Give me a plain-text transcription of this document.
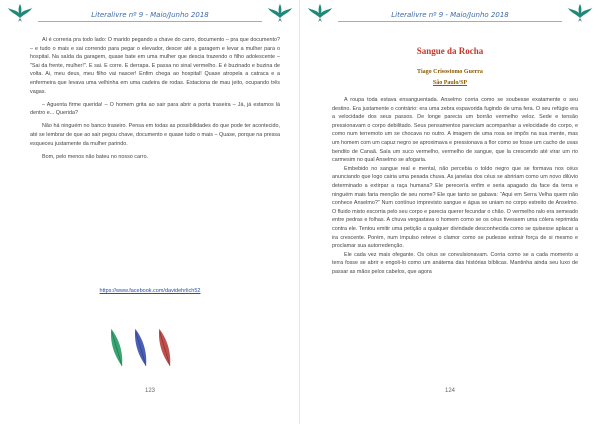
Literalivre nº 9 - Maio/Junho 2018

Aí é correria pra todo lado: O marido pegando a chave do carro, documento – pra que documento? – e tudo o mais e sai correndo para pegar o elevador, descer até a garagem e levar a mulher para o hospital. Na saída da garagem, quase bate em uma mulher que descia trazendo o filho adolescente – "Sai da frente, mulher!". E sai. E corre. E derrapa. E passa no sinal vermelho. E é buzinado e buzina de volta. Ai, meu deus, meu filho vai nascer! Enfim chega ao hospital! Quase atropela a catraca e a enfermeira que levava uma velhinha em uma cadeira de rodas. Estaciona de mau jeito, ocupando três vagas.

– Aguenta firme querida! – O homem grita ao sair para abrir a porta traseira – Já, já estamos lá dentro e... Querida?

Não há ninguém no banco traseiro. Pensa em todas as possibilidades do que pode ter acontecido, até se lembrar de que ao sair pegou chave, documento e quase tudo o mais – Quase, porque na pressa esqueceu justamente da mulher parindo.

Bom, pelo menos não bateu no nosso carro.

https://www.facebook.com/davidehrlich52
123
Literalivre nº 9 - Maio/Junho 2018
Sangue da Rocha
Tiago Crisostomo Guerra
São Paulo/SP

A roupa toda estava ensanguentada. Anselmo corria como se soubesse exatamente o seu destino. Era justamente o contrário: era uma zebra espavorida fugindo de uma fera. O seu refúgio era a velocidade dos seus passos. De longe parecia um borrão vermelho veloz. Sede e tensão pressionavam o corpo debilitado. Seus pensamentos pareciam acompanhar a velocidade do corpo, e como num terremoto um se chocava no outro. A imagem de uma rosa se impôs na sua mente, mas um homem com um capuz negro se aproximava e pressionava a flor como se fosse um cacho de uvas bendito de Canaã. Saía um suco vermelho, vermelho de sangue, que la crescendo até virar um rio carmesim no qual Anselmo se afogaria.

Embebido no sangue real e mental, não percebia o toldo negro que se formava nos céus anunciando que logo cairia uma pesada chuva. As janelas dos céus se abririam como um novo dilúvio determinado a extirpar a raça humana? Ele perecería enfim e seria apagado da face da terra e ninguém mais faria menção de seu nome? Ele que tanto se gabava: "Aqui em Serra Velha quem não conhece Anselmo?" Num contínuo imprevisto sangue e água se uniam no corpo estreito de Anselmo. O fluido misto escorria pelo seu corpo e parecia querer fecundar o chão. O vermelho ralo era semeado entre pedras e folhas. A chuva vergastava o homem como se os céus tivessem uma cólera reprimida contra ele. Tentou emitir uma petição a qualquer divindade desconhecida como se quisesse aplacar a ira crescente. Porém, num impulso reteve o clamor como se pudesse extrair força de si mesmo e proclamar sua autorredenção.

Ele cada vez mais ofegante. Os céus se convulsionavam. Corria como se a cada momento a terra fosse se abrir e engoli-lo como um anátema das histórias bíblicas. Mantinha ainda seu luxo de passar as mãos pelos cabelos, que agora

124
